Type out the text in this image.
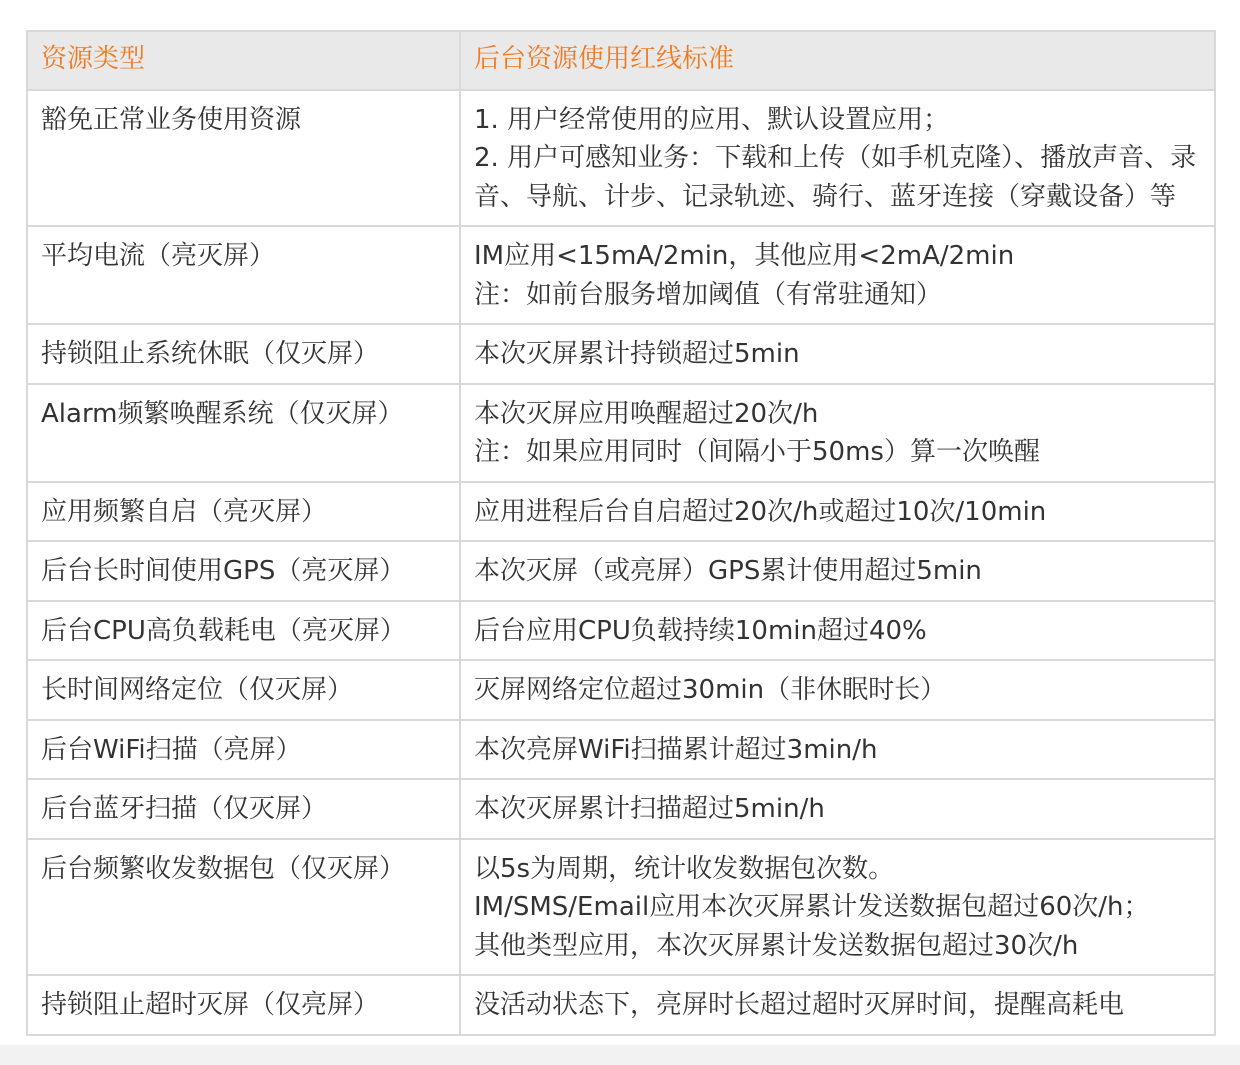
资源类型	后台资源使用红线标准
豁免正常业务使用资源	1. 用户经常使用的应用、默认设置应用；
2. 用户可感知业务：下载和上传（如手机克隆）、播放声音、录音、导航、计步、记录轨迹、骑行、蓝牙连接（穿戴设备）等

平均电流（亮灭屏）	IM应用<15mA/2min，其他应用<2mA/2min
注：如前台服务增加阈值（有常驻通知）

持锁阻止系统休眠（仅灭屏）	本次灭屏累计持锁超过5min

Alarm频繁唤醒系统（仅灭屏）	本次灭屏应用唤醒超过20次/h
注：如果应用同时（间隔小于50ms）算一次唤醒

应用频繁自启（亮灭屏）	应用进程后台自启超过20次/h或超过10次/10min

后台长时间使用GPS（亮灭屏）	本次灭屏（或亮屏）GPS累计使用超过5min

后台CPU高负载耗电（亮灭屏）	后台应用CPU负载持续10min超过40%

长时间网络定位（仅灭屏）	灭屏网络定位超过30min（非休眠时长）

后台WiFi扫描（亮屏）	本次亮屏WiFi扫描累计超过3min/h

后台蓝牙扫描（仅灭屏）	本次灭屏累计扫描超过5min/h

后台频繁收发数据包（仅灭屏）	以5s为周期，统计收发数据包次数。
IM/SMS/Email应用本次灭屏累计发送数据包超过60次/h；
其他类型应用，本次灭屏累计发送数据包超过30次/h

持锁阻止超时灭屏（仅亮屏）	没活动状态下，亮屏时长超过超时灭屏时间，提醒高耗电
